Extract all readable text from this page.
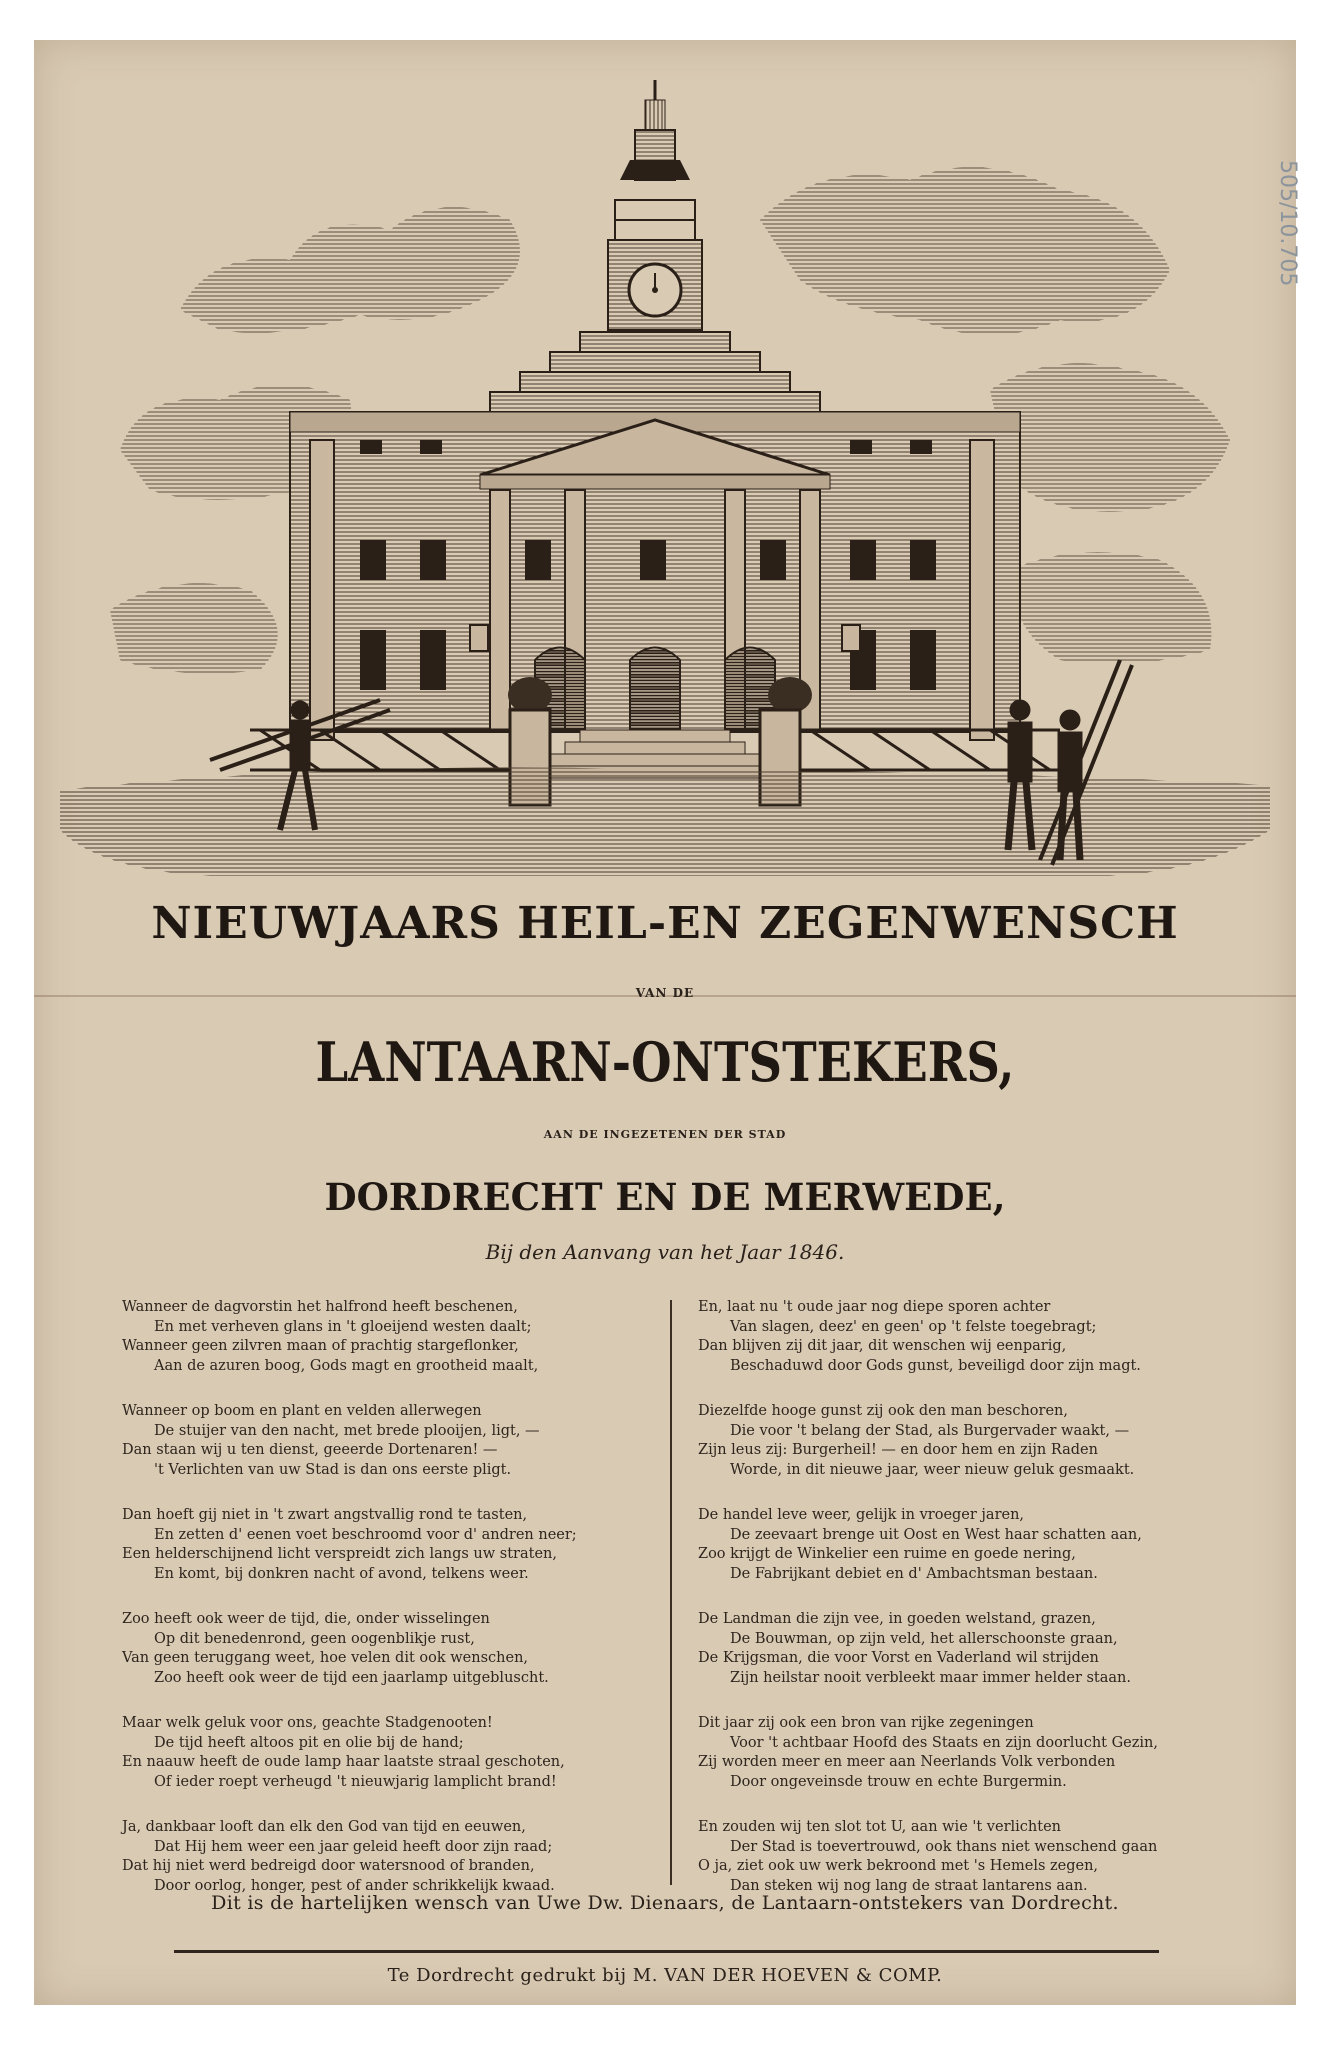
NIEUWJAARS HEIL-EN ZEGENWENSCH
VAN DE
LANTAARN-ONTSTEKERS,
AAN DE INGEZETENEN DER STAD
DORDRECHT EN DE MERWEDE,
Bij den Aanvang van het Jaar 1846.
Wanneer de dagvorstin het halfrond heeft beschenen,
En met verheven glans in 't gloeijend westen daalt;
Wanneer geen zilvren maan of prachtig stargeflonker,
Aan de azuren boog, Gods magt en grootheid maalt,
Wanneer op boom en plant en velden allerwegen
De stuijer van den nacht, met brede plooijen, ligt, —
Dan staan wij u ten dienst, geeerde Dortenaren! —
't Verlichten van uw Stad is dan ons eerste pligt.
Dan hoeft gij niet in 't zwart angstvallig rond te tasten,
En zetten d' eenen voet beschroomd voor d' andren neer;
Een helderschijnend licht verspreidt zich langs uw straten,
En komt, bij donkren nacht of avond, telkens weer.
Zoo heeft ook weer de tijd, die, onder wisselingen
Op dit benedenrond, geen oogenblikje rust,
Van geen teruggang weet, hoe velen dit ook wenschen,
Zoo heeft ook weer de tijd een jaarlamp uitgebluscht.
Maar welk geluk voor ons, geachte Stadgenooten!
De tijd heeft altoos pit en olie bij de hand;
En naauw heeft de oude lamp haar laatste straal geschoten,
Of ieder roept verheugd 't nieuwjarig lamplicht brand!
Ja, dankbaar looft dan elk den God van tijd en eeuwen,
Dat Hij hem weer een jaar geleid heeft door zijn raad;
Dat hij niet werd bedreigd door watersnood of branden,
Door oorlog, honger, pest of ander schrikkelijk kwaad.
En, laat nu 't oude jaar nog diepe sporen achter
Van slagen, deez' en geen' op 't felste toegebragt;
Dan blijven zij dit jaar, dit wenschen wij eenparig,
Beschaduwd door Gods gunst, beveiligd door zijn magt.
Diezelfde hooge gunst zij ook den man beschoren,
Die voor 't belang der Stad, als Burgervader waakt, —
Zijn leus zij: Burgerheil! — en door hem en zijn Raden
Worde, in dit nieuwe jaar, weer nieuw geluk gesmaakt.
De handel leve weer, gelijk in vroeger jaren,
De zeevaart brenge uit Oost en West haar schatten aan,
Zoo krijgt de Winkelier een ruime en goede nering,
De Fabrijkant debiet en d' Ambachtsman bestaan.
De Landman die zijn vee, in goeden welstand, grazen,
De Bouwman, op zijn veld, het allerschoonste graan,
De Krijgsman, die voor Vorst en Vaderland wil strijden
Zijn heilstar nooit verbleekt maar immer helder staan.
Dit jaar zij ook een bron van rijke zegeningen
Voor 't achtbaar Hoofd des Staats en zijn doorlucht Gezin,
Zij worden meer en meer aan Neerlands Volk verbonden
Door ongeveinsde trouw en echte Burgermin.
En zouden wij ten slot tot U, aan wie 't verlichten
Der Stad is toevertrouwd, ook thans niet wenschend gaan
O ja, ziet ook uw werk bekroond met 's Hemels zegen,
Dan steken wij nog lang de straat lantarens aan.
Dit is de hartelijken wensch van Uwe Dw. Dienaars, de Lantaarn-ontstekers van Dordrecht.
Te Dordrecht gedrukt bij M. VAN DER HOEVEN & COMP.
505/10.705
